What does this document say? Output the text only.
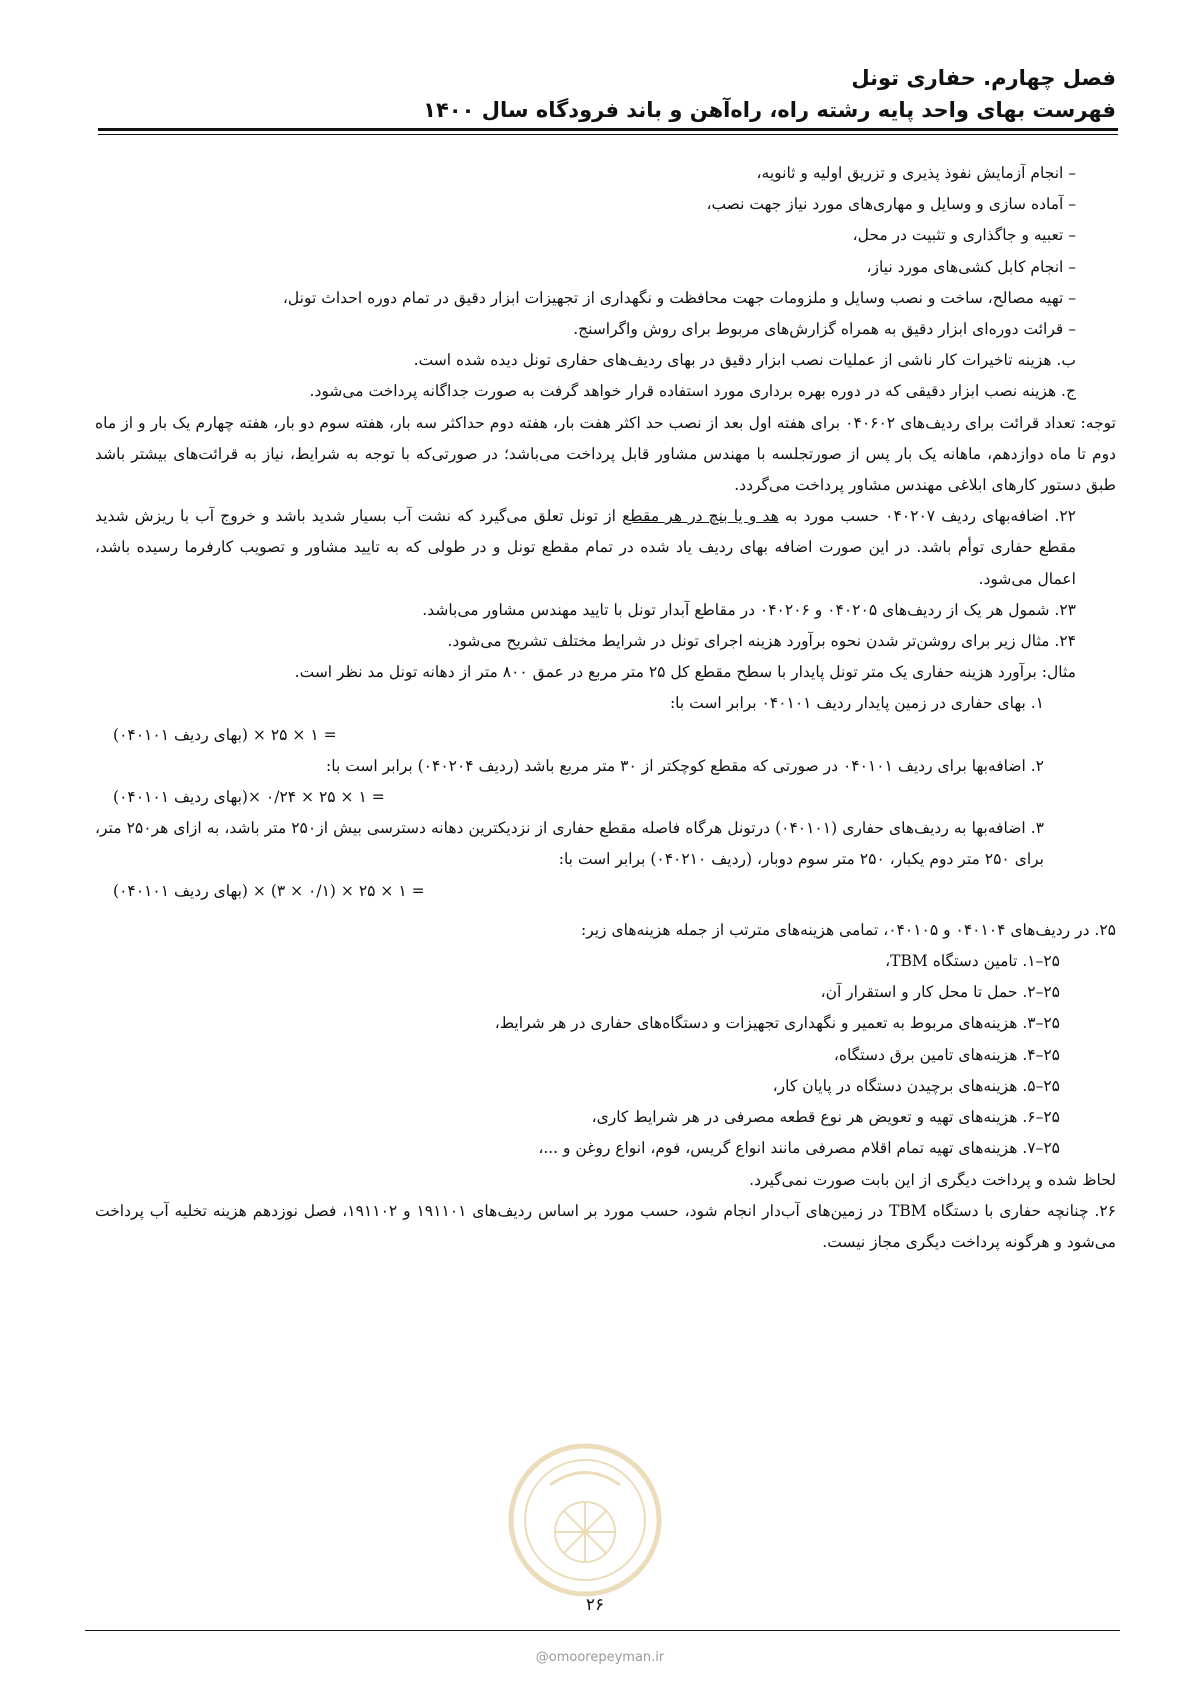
فصل چهارم. حفاری تونل
فهرست بهای واحد پایه رشته راه، راه‌آهن و باند فرودگاه سال ۱۴۰۰

– انجام آزمایش نفوذ پذیری و تزریق اولیه و ثانویه،

– آماده سازی و وسایل و مهاری‌های مورد نیاز جهت نصب،

– تعبیه و جاگذاری و تثبیت در محل،

– انجام کابل کشی‌های مورد نیاز،

– تهیه مصالح، ساخت و نصب وسایل و ملزومات جهت محافظت و نگهداری از تجهیزات ابزار دقیق در تمام دوره احداث تونل،

– قرائت دوره‌ای ابزار دقیق به همراه گزارش‌های مربوط برای روش واگراسنج.

ب. هزینه تاخیرات کار ناشی از عملیات نصب ابزار دقیق در بهای ردیف‌های حفاری تونل دیده شده است.

ج. هزینه نصب ابزار دقیقی که در دوره بهره برداری مورد استفاده قرار خواهد گرفت به صورت جداگانه پرداخت می‌شود.

توجه: تعداد قرائت برای ردیف‌های ۰۴۰۶۰۲ برای هفته اول بعد از نصب حد اکثر هفت بار، هفته دوم حداکثر سه بار، هفته سوم دو بار، هفته چهارم یک بار و از ماه دوم تا ماه دوازدهم، ماهانه یک بار پس از صورتجلسه با مهندس مشاور قابل پرداخت می‌باشد؛ در صورتی‌که با توجه به شرایط، نیاز به قرائت‌های بیشتر باشد طبق دستور کارهای ابلاغی مهندس مشاور پرداخت می‌گردد.

۲۲. اضافه‌بهای ردیف ۰۴۰۲۰۷ حسب مورد به هد و یا بنچ در هر مقطع از تونل تعلق می‌گیرد که نشت آب بسیار شدید باشد و خروج آب با ریزش شدید مقطع حفاری توأم باشد. در این صورت اضافه بهای ردیف یاد شده در تمام مقطع تونل و در طولی که به تایید مشاور و تصویب کارفرما رسیده باشد، اعمال می‌شود.

۲۳. شمول هر یک از ردیف‌های ۰۴۰۲۰۵ و ۰۴۰۲۰۶ در مقاطع آبدار تونل با تایید مهندس مشاور می‌باشد.

۲۴. مثال زیر برای روشن‌تر شدن نحوه برآورد هزینه اجرای تونل در شرایط مختلف تشریح می‌شود.

مثال: برآورد هزینه حفاری یک متر تونل پایدار با سطح مقطع کل ۲۵ متر مربع در عمق ۸۰۰ متر از دهانه تونل مد نظر است.

۱. بهای حفاری در زمین پایدار ردیف ۰۴۰۱۰۱ برابر است با:

= ۱ × ۲۵ × (بهای ردیف ۰۴۰۱۰۱)

۲. اضافه‌بها برای ردیف ۰۴۰۱۰۱ در صورتی که مقطع کوچکتر از ۳۰ متر مربع باشد (ردیف ۰۴۰۲۰۴) برابر است با:

= ۱ × ۲۵ × ۰/۲۴ ×(بهای ردیف ۰۴۰۱۰۱)

۳. اضافه‌بها به ردیف‌های حفاری (۰۴۰۱۰۱) درتونل هرگاه فاصله مقطع حفاری از نزدیکترین دهانه دسترسی بیش از۲۵۰ متر باشد، به ازای هر۲۵۰ متر، برای ۲۵۰ متر دوم یکبار، ۲۵۰ متر سوم دوبار، (ردیف ۰۴۰۲۱۰) برابر است با:

= ۱ × ۲۵ × (۰/۱ × ۳) × (بهای ردیف ۰۴۰۱۰۱)

۲۵. در ردیف‌های ۰۴۰۱۰۴ و ۰۴۰۱۰۵، تمامی هزینه‌های مترتب از جمله هزینه‌های زیر:

۲۵–۱. تامین دستگاه TBM،

۲۵–۲. حمل تا محل کار و استقرار آن،

۲۵–۳. هزینه‌های مربوط به تعمیر و نگهداری تجهیزات و دستگاه‌های حفاری در هر شرایط،

۲۵–۴. هزینه‌های تامین برق دستگاه،

۲۵–۵. هزینه‌های برچیدن دستگاه در پایان کار،

۲۵–۶. هزینه‌های تهیه و تعویض هر نوع قطعه مصرفی در هر شرایط کاری،

۲۵–۷. هزینه‌های تهیه تمام اقلام مصرفی مانند انواع گریس، فوم، انواع روغن و ...،

لحاظ شده و پرداخت دیگری از این بابت صورت نمی‌گیرد.

۲۶. چنانچه حفاری با دستگاه TBM در زمین‌های آب‌دار انجام شود، حسب مورد بر اساس ردیف‌های ۱۹۱۱۰۱ و ۱۹۱۱۰۲، فصل نوزدهم هزینه تخلیه آب پرداخت می‌شود و هرگونه پرداخت دیگری مجاز نیست.

۲۶
@omoorepeyman.ir
